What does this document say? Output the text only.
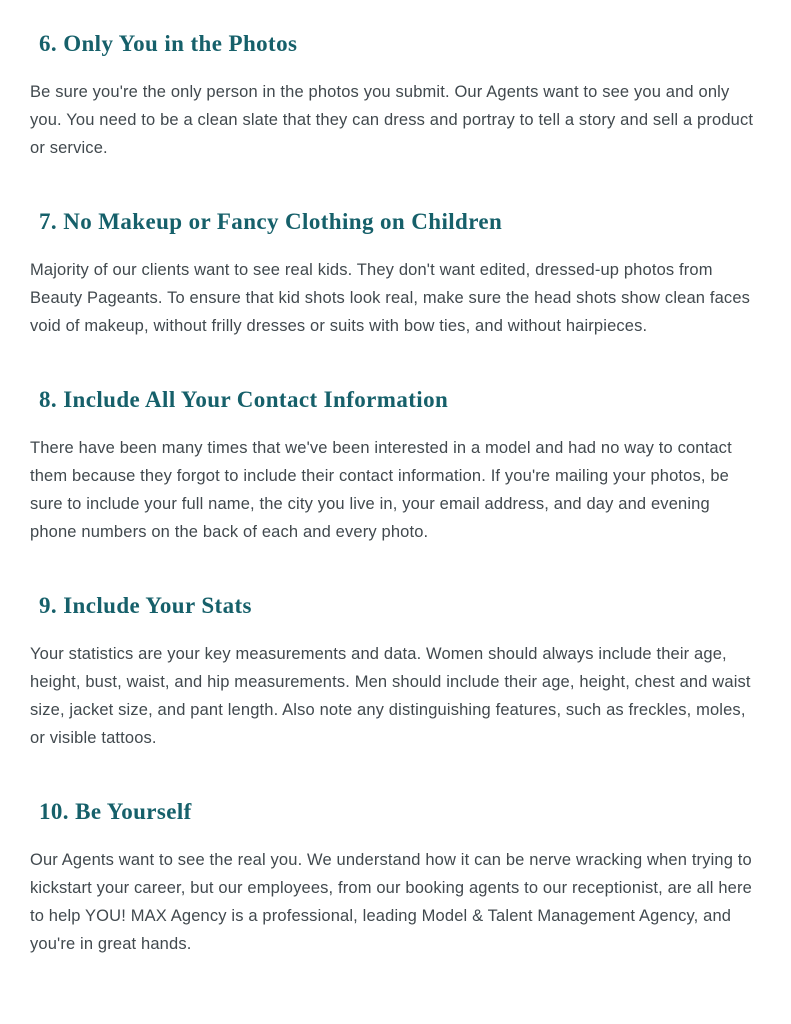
6. Only You in the Photos

Be sure you're the only person in the photos you submit. Our Agents want to see you and only you. You need to be a clean slate that they can dress and portray to tell a story and sell a product or service.

7. No Makeup or Fancy Clothing on Children

Majority of our clients want to see real kids. They don't want edited, dressed-up photos from Beauty Pageants. To ensure that kid shots look real, make sure the head shots show clean faces void of makeup, without frilly dresses or suits with bow ties, and without hairpieces.

8. Include All Your Contact Information

There have been many times that we've been interested in a model and had no way to contact them because they forgot to include their contact information. If you're mailing your photos, be sure to include your full name, the city you live in, your email address, and day and evening phone numbers on the back of each and every photo.

9. Include Your Stats

Your statistics are your key measurements and data. Women should always include their age, height, bust, waist, and hip measurements. Men should include their age, height, chest and waist size, jacket size, and pant length. Also note any distinguishing features, such as freckles, moles, or visible tattoos.

10. Be Yourself

Our Agents want to see the real you. We understand how it can be nerve wracking when trying to kickstart your career, but our employees, from our booking agents to our receptionist, are all here to help YOU! MAX Agency is a professional, leading Model & Talent Management Agency, and you're in great hands.
